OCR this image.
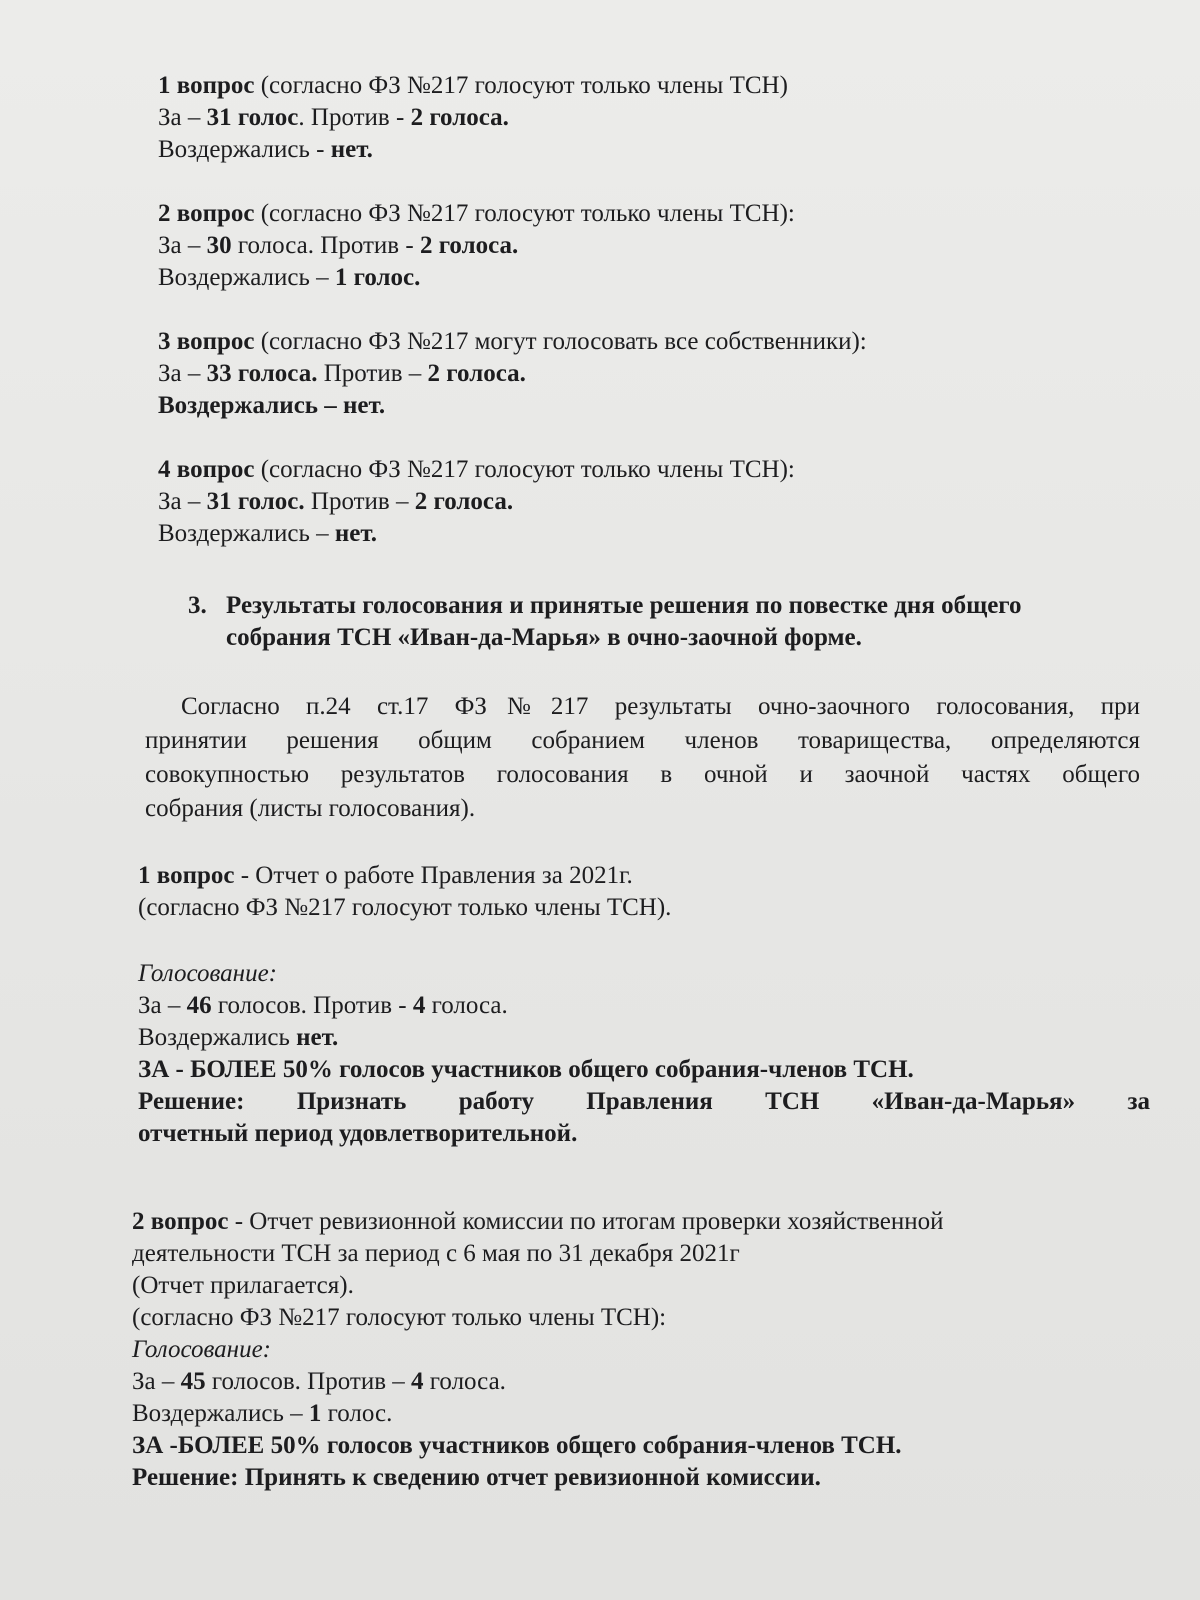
1 вопрос (согласно ФЗ №217 голосуют только члены ТСН)
За – 31 голос. Против - 2 голоса.
Воздержались - нет.
2 вопрос (согласно ФЗ №217 голосуют только члены ТСН):
За – 30 голоса. Против - 2 голоса.
Воздержались – 1 голос.
3 вопрос (согласно ФЗ №217 могут голосовать все собственники):
За – 33 голоса. Против – 2 голоса.
Воздержались – нет.
4 вопрос (согласно ФЗ №217 голосуют только члены ТСН):
За – 31 голос. Против – 2 голоса.
Воздержались – нет.
3. Результаты голосования и принятые решения по повестке дня общего собрания ТСН «Иван-да-Марья» в очно-заочной форме.
Согласно п.24 ст.17 ФЗ№217 результаты очно-заочного голосования, при
принятии решения общим собранием членов товарищества, определяются
совокупностью результатов голосования в очной и заочной частях общего
собрания (листы голосования).
1 вопрос - Отчет о работе Правления за 2021г.
(согласно ФЗ №217 голосуют только члены ТСН).
Голосование:
За – 46 голосов. Против - 4 голоса.
Воздержались нет.
ЗА - БОЛЕЕ 50% голосов участников общего собрания-членов ТСН.
Решение: Признать работу Правления ТСН «Иван-да-Марья» за
отчетный период удовлетворительной.
2 вопрос - Отчет ревизионной комиссии по итогам проверки хозяйственной
деятельности ТСН за период с 6 мая по 31 декабря 2021г
(Отчет прилагается).
(согласно ФЗ №217 голосуют только члены ТСН):
Голосование:
За – 45 голосов. Против – 4 голоса.
Воздержались – 1 голос.
ЗА -БОЛЕЕ 50% голосов участников общего собрания-членов ТСН.
Решение: Принять к сведению отчет ревизионной комиссии.
